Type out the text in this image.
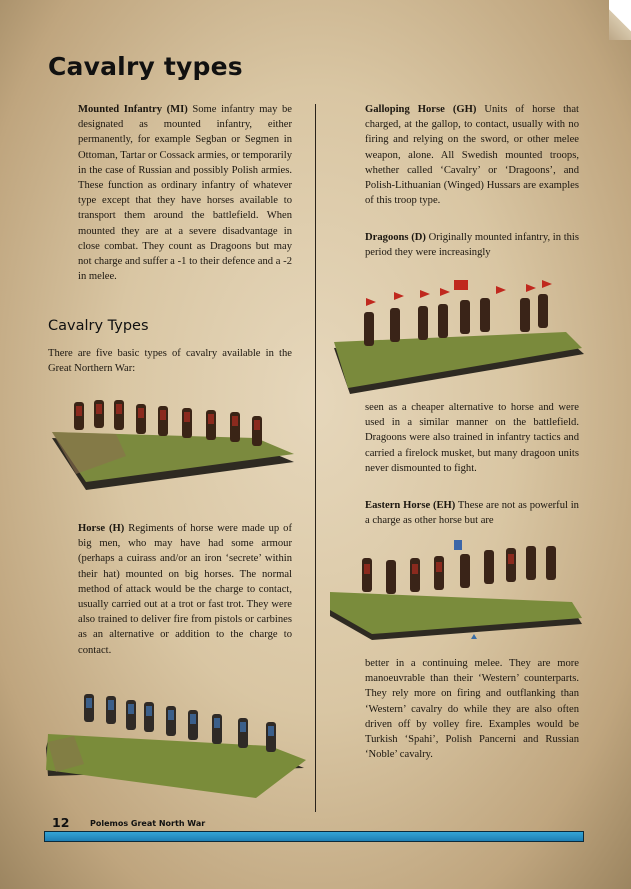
Cavalry types

Mounted Infantry (MI) Some infantry may be designated as mounted infantry, either permanently, for example Segban or Segmen in Ottoman, Tartar or Cossack armies, or temporarily in the case of Russian and possibly Polish armies. These function as ordinary infantry of whatever type except that they have horses available to transport them around the battlefield. When mounted they are at a severe disadvantage in close combat. They count as Dragoons but may not charge and suffer a -1 to their defence and a -2 in melee.

Cavalry Types

There are five basic types of cavalry available in the Great Northern War:

Horse (H) Regiments of horse were made up of big men, who may have had some armour (perhaps a cuirass and/or an iron ‘secrete’ within their hat) mounted on big horses. The normal method of attack would be the charge to contact, usually carried out at a trot or fast trot. They were also trained to deliver fire from pistols or carbines as an alternative or addition to the charge to contact.

Galloping Horse (GH) Units of horse that charged, at the gallop, to contact, usually with no firing and relying on the sword, or other melee weapon, alone. All Swedish mounted troops, whether called ‘Cavalry’ or ‘Dragoons’, and Polish-Lithuanian (Winged) Hussars are examples of this troop type.

Dragoons (D) Originally mounted infantry, in this period they were increasingly

seen as a cheaper alternative to horse and were used in a similar manner on the battlefield. Dragoons were also trained in infantry tactics and carried a firelock musket, but many dragoon units never dismounted to fight.

Eastern Horse (EH) These are not as powerful in a charge as other horse but are

better in a continuing melee. They are more manoeuvrable than their ‘Western’ counterparts. They rely more on firing and outflanking than ‘Western’ cavalry do while they are also often driven off by volley fire. Examples would be Turkish ‘Spahi’, Polish Pancerni and Russian ‘Noble’ cavalry.

12	Polemos Great North War
